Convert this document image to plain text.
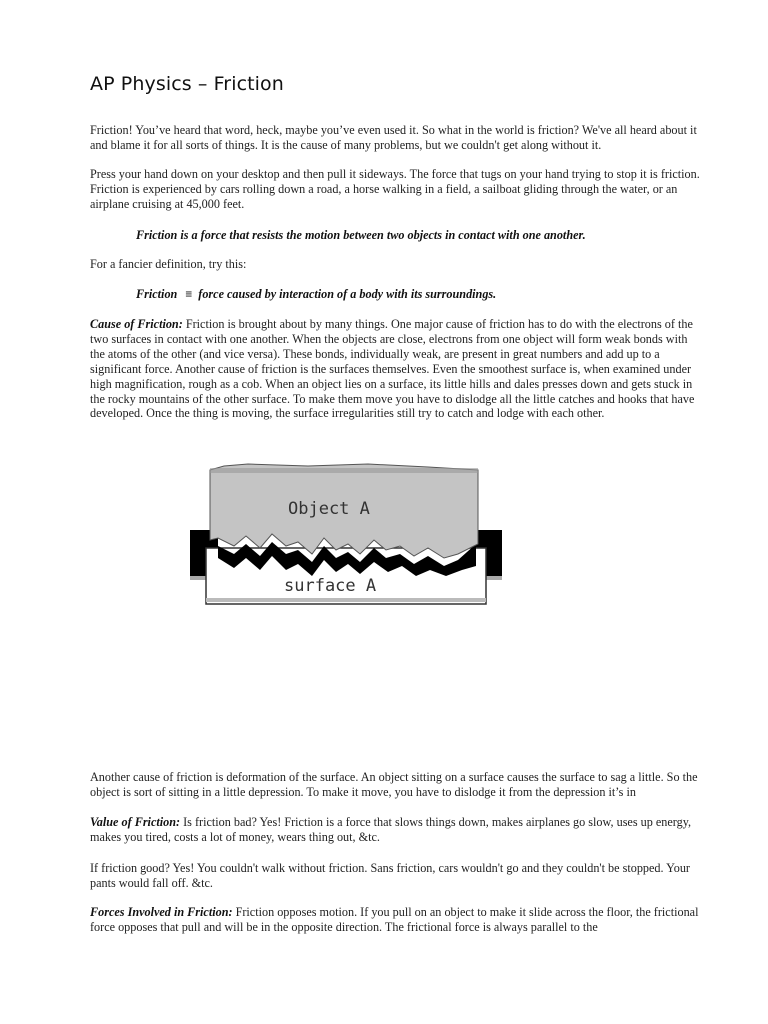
AP Physics – Friction

Friction! You’ve heard that word, heck, maybe you’ve even used it. So what in the world is friction? We've all heard about it and blame it for all sorts of things. It is the cause of many problems, but we couldn't get along without it.

Press your hand down on your desktop and then pull it sideways. The force that tugs on your hand trying to stop it is friction. Friction is experienced by cars rolling down a road, a horse walking in a field, a sailboat gliding through the water, or an airplane cruising at 45,000 feet.

Friction is a force that resists the motion between two objects in contact with one another.

For a fancier definition, try this:

Friction ≡ force caused by interaction of a body with its surroundings.

Cause of Friction: Friction is brought about by many things. One major cause of friction has to do with the electrons of the two surfaces in contact with one another. When the objects are close, electrons from one object will form weak bonds with the atoms of the other (and vice versa). These bonds, individually weak, are present in great numbers and add up to a significant force. Another cause of friction is the surfaces themselves. Even the smoothest surface is, when examined under high magnification, rough as a cob. When an object lies on a surface, its little hills and dales presses down and gets stuck in the rocky mountains of the other surface. To make them move you have to dislodge all the little catches and hooks that have developed. Once the thing is moving, the surface irregularities still try to catch and lodge with each other.

Object A
surface A

Another cause of friction is deformation of the surface. An object sitting on a surface causes the surface to sag a little. So the object is sort of sitting in a little depression. To make it move, you have to dislodge it from the depression it’s in

Value of Friction: Is friction bad? Yes! Friction is a force that slows things down, makes airplanes go slow, uses up energy, makes you tired, costs a lot of money, wears thing out, &tc.

If friction good? Yes! You couldn't walk without friction. Sans friction, cars wouldn't go and they couldn't be stopped. Your pants would fall off. &tc.

Forces Involved in Friction: Friction opposes motion. If you pull on an object to make it slide across the floor, the frictional force opposes that pull and will be in the opposite direction. The frictional force is always parallel to the
